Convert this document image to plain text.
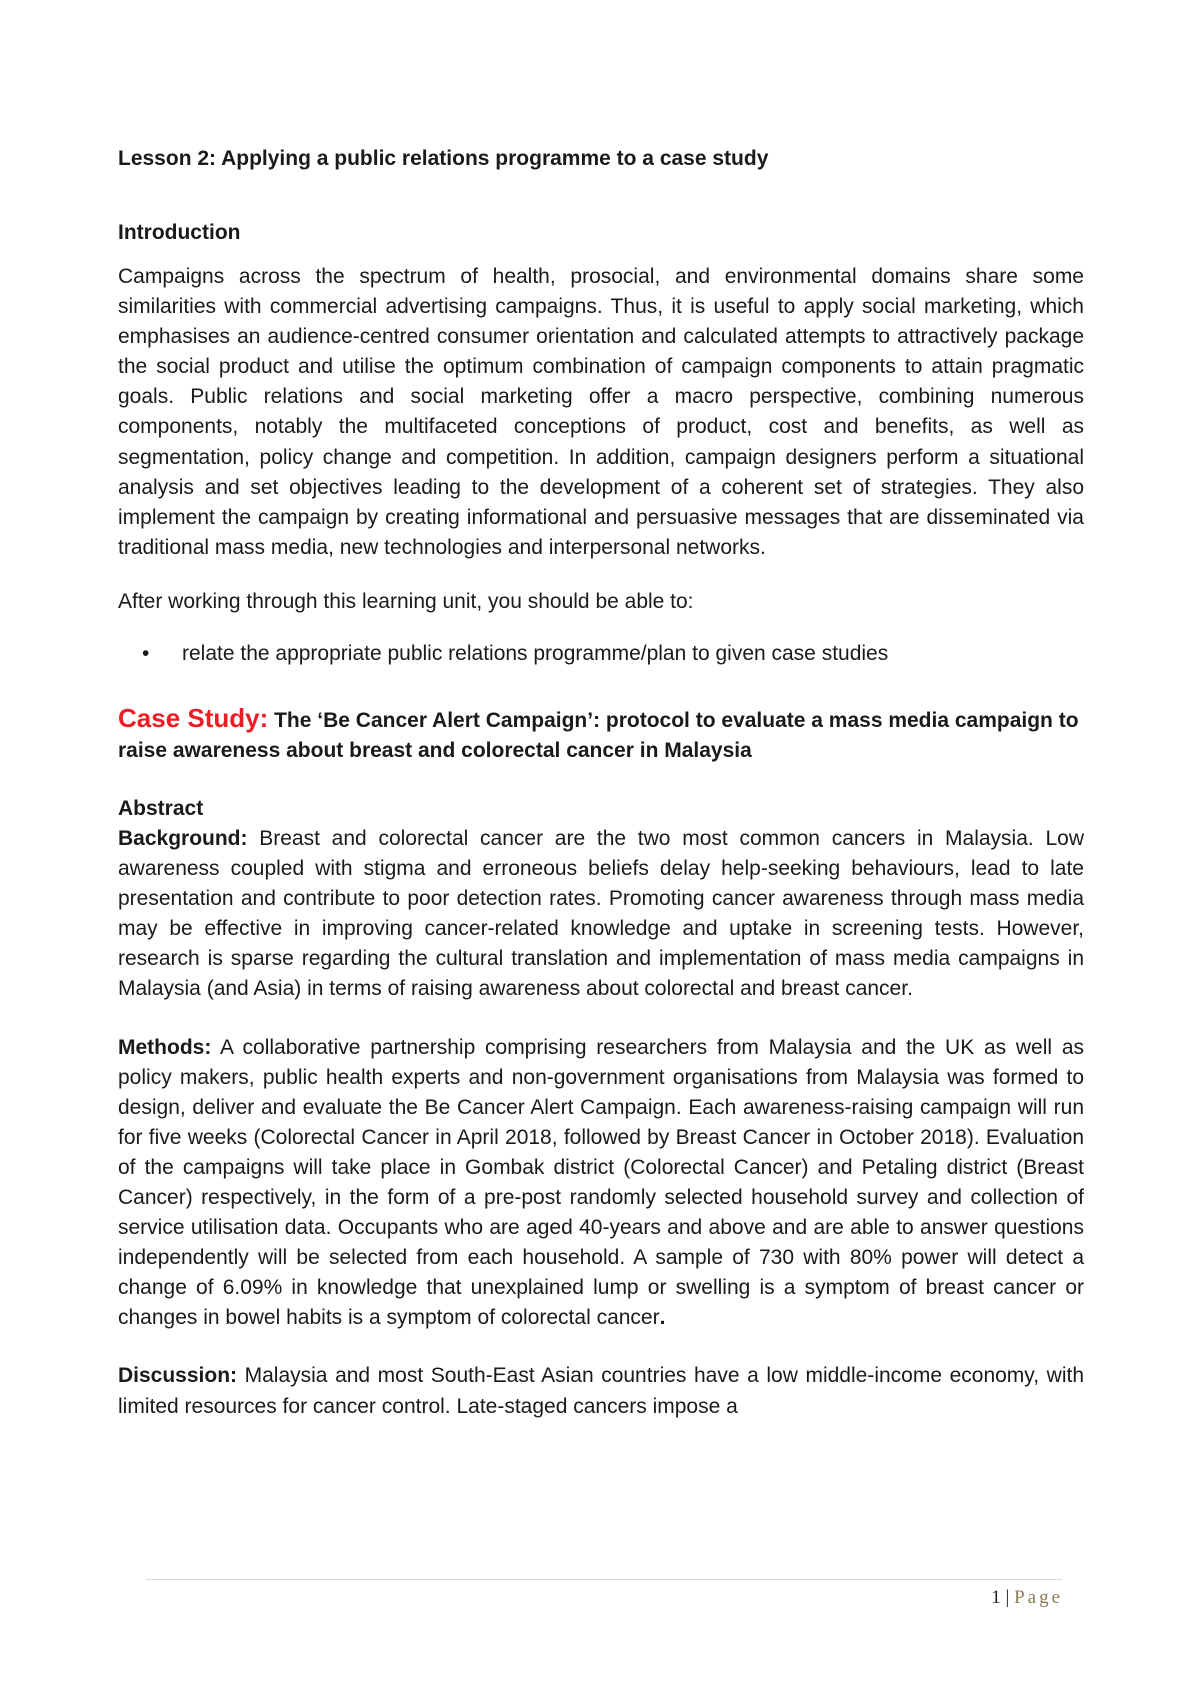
Lesson 2: Applying a public relations programme to a case study
Introduction

Campaigns across the spectrum of health, prosocial, and environmental domains share some similarities with commercial advertising campaigns. Thus, it is useful to apply social marketing, which emphasises an audience-centred consumer orientation and calculated attempts to attractively package the social product and utilise the optimum combination of campaign components to attain pragmatic goals. Public relations and social marketing offer a macro perspective, combining numerous components, notably the multifaceted conceptions of product, cost and benefits, as well as segmentation, policy change and competition. In addition, campaign designers perform a situational analysis and set objectives leading to the development of a coherent set of strategies. They also implement the campaign by creating informational and persuasive messages that are disseminated via traditional mass media, new technologies and interpersonal networks.

After working through this learning unit, you should be able to:
• relate the appropriate public relations programme/plan to given case studies
Case Study: The ‘Be Cancer Alert Campaign’: protocol to evaluate a mass media campaign to raise awareness about breast and colorectal cancer in Malaysia
Abstract

Background: Breast and colorectal cancer are the two most common cancers in Malaysia. Low awareness coupled with stigma and erroneous beliefs delay help-seeking behaviours, lead to late presentation and contribute to poor detection rates. Promoting cancer awareness through mass media may be effective in improving cancer-related knowledge and uptake in screening tests. However, research is sparse regarding the cultural translation and implementation of mass media campaigns in Malaysia (and Asia) in terms of raising awareness about colorectal and breast cancer.

Methods: A collaborative partnership comprising researchers from Malaysia and the UK as well as policy makers, public health experts and non-government organisations from Malaysia was formed to design, deliver and evaluate the Be Cancer Alert Campaign. Each awareness-raising campaign will run for five weeks (Colorectal Cancer in April 2018, followed by Breast Cancer in October 2018). Evaluation of the campaigns will take place in Gombak district (Colorectal Cancer) and Petaling district (Breast Cancer) respectively, in the form of a pre-post randomly selected household survey and collection of service utilisation data. Occupants who are aged 40-years and above and are able to answer questions independently will be selected from each household. A sample of 730 with 80% power will detect a change of 6.09% in knowledge that unexplained lump or swelling is a symptom of breast cancer or changes in bowel habits is a symptom of colorectal cancer.

Discussion: Malaysia and most South-East Asian countries have a low middle-income economy, with limited resources for cancer control. Late-staged cancers impose a

1 | Page
